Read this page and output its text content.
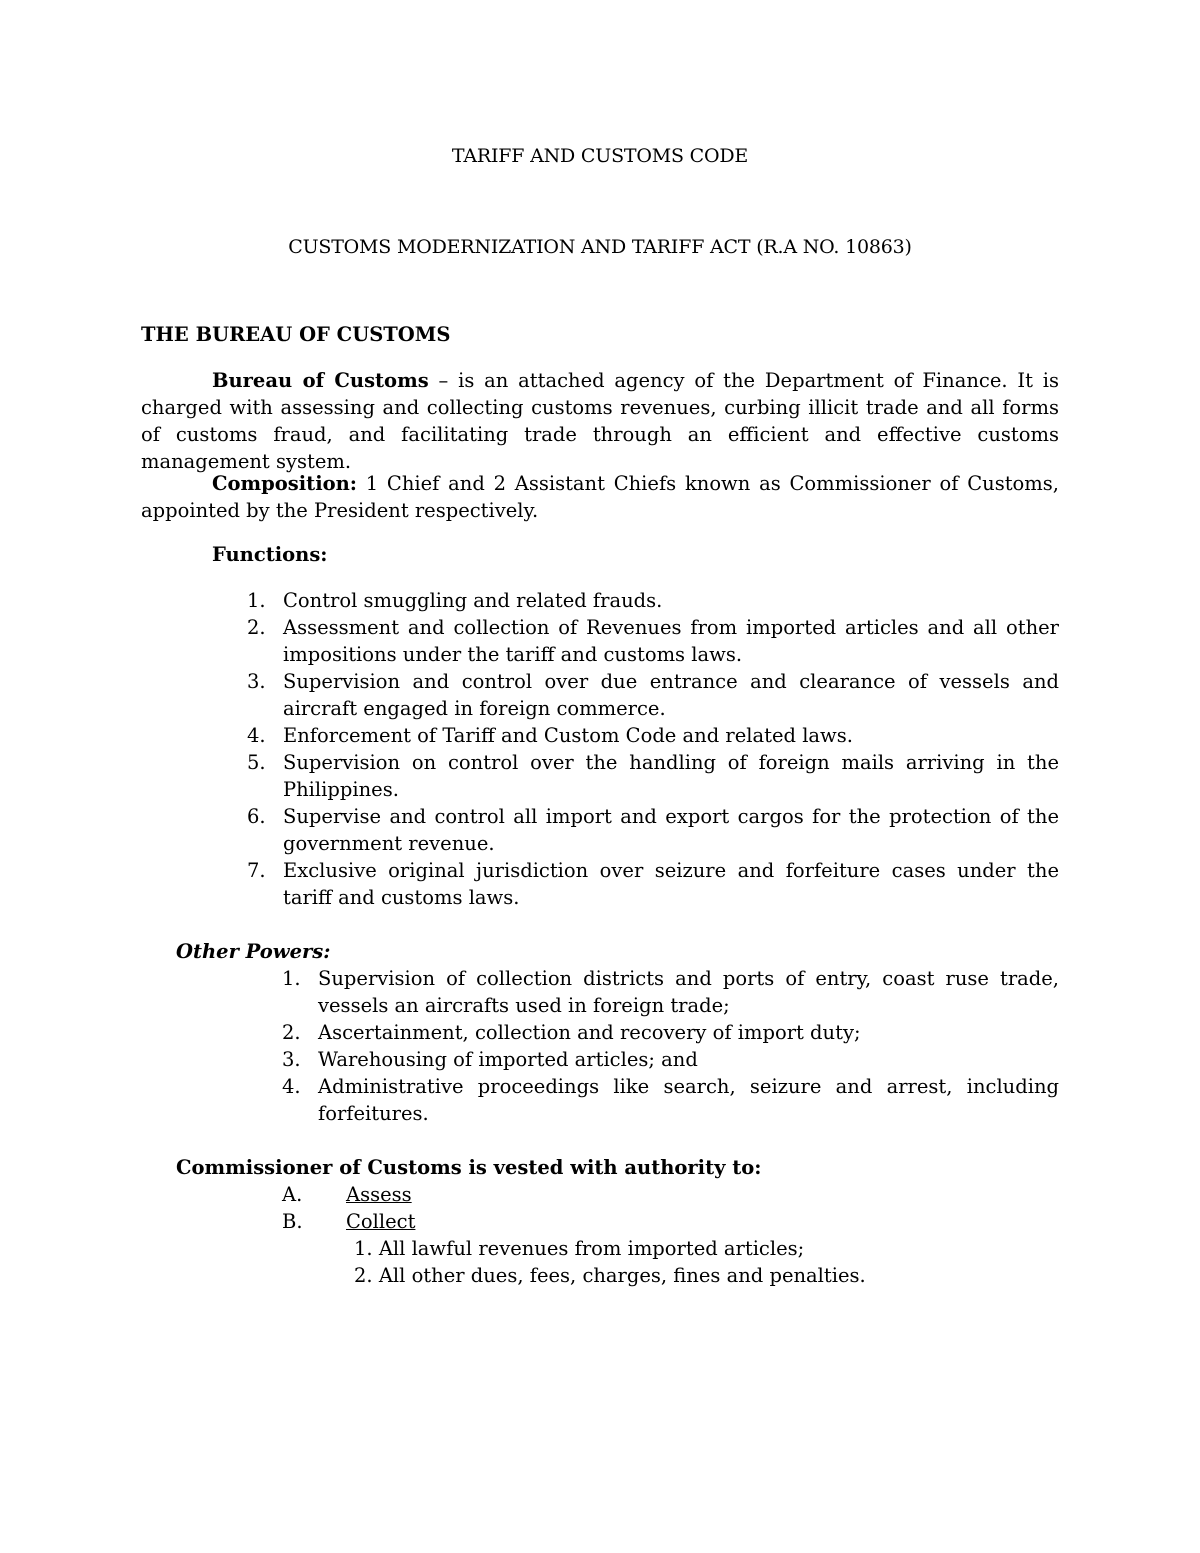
TARIFF AND CUSTOMS CODE
CUSTOMS MODERNIZATION AND TARIFF ACT (R.A NO. 10863)
THE BUREAU OF CUSTOMS
Bureau of Customs – is an attached agency of the Department of Finance. It is charged with assessing and collecting customs revenues, curbing illicit trade and all forms of customs fraud, and facilitating trade through an efficient and effective customs management system.
Composition: 1 Chief and 2 Assistant Chiefs known as Commissioner of Customs, appointed by the President respectively.
Functions:
1. Control smuggling and related frauds.
2. Assessment and collection of Revenues from imported articles and all other impositions under the tariff and customs laws.
3. Supervision and control over due entrance and clearance of vessels and aircraft engaged in foreign commerce.
4. Enforcement of Tariff and Custom Code and related laws.
5. Supervision on control over the handling of foreign mails arriving in the Philippines.
6. Supervise and control all import and export cargos for the protection of the government revenue.
7. Exclusive original jurisdiction over seizure and forfeiture cases under the tariff and customs laws.
Other Powers:
1. Supervision of collection districts and ports of entry, coast ruse trade, vessels an aircrafts used in foreign trade;
2. Ascertainment, collection and recovery of import duty;
3. Warehousing of imported articles; and
4. Administrative proceedings like search, seizure and arrest, including forfeitures.
Commissioner of Customs is vested with authority to:
A. Assess
B. Collect
1. All lawful revenues from imported articles;
2. All other dues, fees, charges, fines and penalties.
